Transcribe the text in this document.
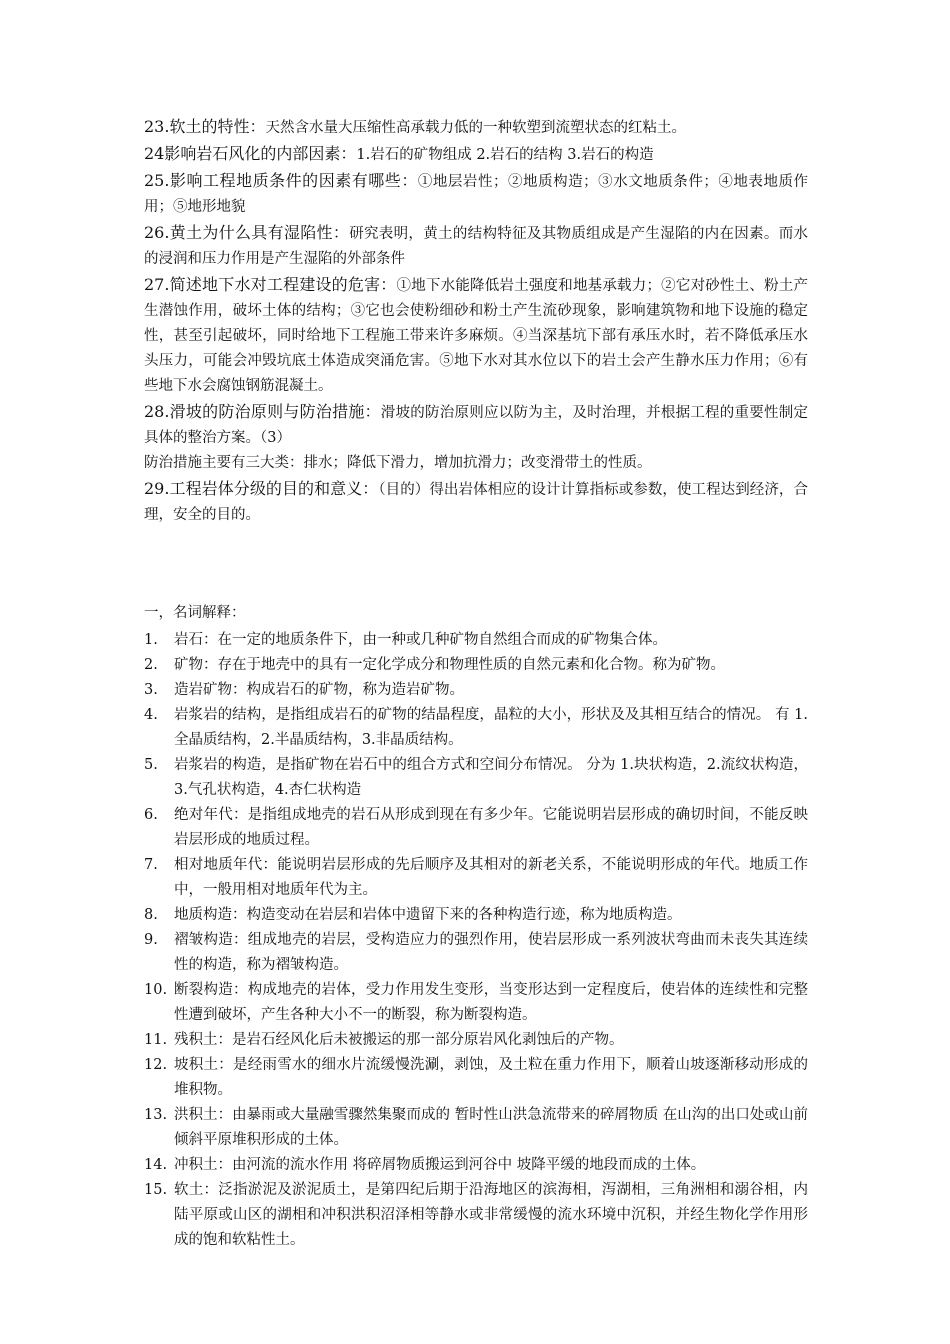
23.软土的特性：天然含水量大压缩性高承载力低的一种软塑到流塑状态的红粘土。

24影响岩石风化的内部因素：1.岩石的矿物组成 2.岩石的结构 3.岩石的构造

25.影响工程地质条件的因素有哪些：①地层岩性；②地质构造；③水文地质条件；④地表地质作用；⑤地形地貌

26.黄土为什么具有湿陷性：研究表明，黄土的结构特征及其物质组成是产生湿陷的内在因素。而水的浸润和压力作用是产生湿陷的外部条件

27.简述地下水对工程建设的危害：①地下水能降低岩土强度和地基承载力；②它对砂性土、粉土产生潜蚀作用，破坏土体的结构；③它也会使粉细砂和粉土产生流砂现象，影响建筑物和地下设施的稳定性，甚至引起破坏，同时给地下工程施工带来许多麻烦。④当深基坑下部有承压水时，若不降低承压水头压力，可能会冲毁坑底土体造成突涌危害。⑤地下水对其水位以下的岩土会产生静水压力作用；⑥有些地下水会腐蚀钢筋混凝土。

28.滑坡的防治原则与防治措施：滑坡的防治原则应以防为主，及时治理，并根据工程的重要性制定具体的整治方案。（3）

防治措施主要有三大类：排水；降低下滑力，增加抗滑力；改变滑带土的性质。

29.工程岩体分级的目的和意义：（目的）得出岩体相应的设计计算指标或参数，使工程达到经济，合理，安全的目的。

一，名词解释：

1.	岩石：在一定的地质条件下，由一种或几种矿物自然组合而成的矿物集合体。
2.	矿物：存在于地壳中的具有一定化学成分和物理性质的自然元素和化合物。称为矿物。
3.	造岩矿物：构成岩石的矿物，称为造岩矿物。
4.	岩浆岩的结构，是指组成岩石的矿物的结晶程度，晶粒的大小，形状及及其相互结合的情况。 有 1.全晶质结构，2.半晶质结构，3.非晶质结构。
5.	岩浆岩的构造，是指矿物在岩石中的组合方式和空间分布情况。 分为 1.块状构造，2.流纹状构造，3.气孔状构造，4.杏仁状构造
6.	绝对年代：是指组成地壳的岩石从形成到现在有多少年。它能说明岩层形成的确切时间，不能反映岩层形成的地质过程。
7.	相对地质年代：能说明岩层形成的先后顺序及其相对的新老关系，不能说明形成的年代。地质工作中，一般用相对地质年代为主。
8.	地质构造：构造变动在岩层和岩体中遗留下来的各种构造行迹，称为地质构造。
9.	褶皱构造：组成地壳的岩层，受构造应力的强烈作用，使岩层形成一系列波状弯曲而未丧失其连续性的构造，称为褶皱构造。
10. 断裂构造：构成地壳的岩体，受力作用发生变形，当变形达到一定程度后，使岩体的连续性和完整性遭到破坏，产生各种大小不一的断裂，称为断裂构造。
11. 残积土：是岩石经风化后未被搬运的那一部分原岩风化剥蚀后的产物。
12. 坡积土：是经雨雪水的细水片流缓慢洗涮，剥蚀，及土粒在重力作用下，顺着山坡逐渐移动形成的堆积物。
13. 洪积土：由暴雨或大量融雪骤然集聚而成的 暂时性山洪急流带来的碎屑物质 在山沟的出口处或山前倾斜平原堆积形成的土体。
14. 冲积土：由河流的流水作用 将碎屑物质搬运到河谷中 坡降平缓的地段而成的土体。
15. 软土：泛指淤泥及淤泥质土，是第四纪后期于沿海地区的滨海相，泻湖相，三角洲相和溺谷相，内陆平原或山区的湖相和冲积洪积沼泽相等静水或非常缓慢的流水环境中沉积，并经生物化学作用形成的饱和软粘性土。
